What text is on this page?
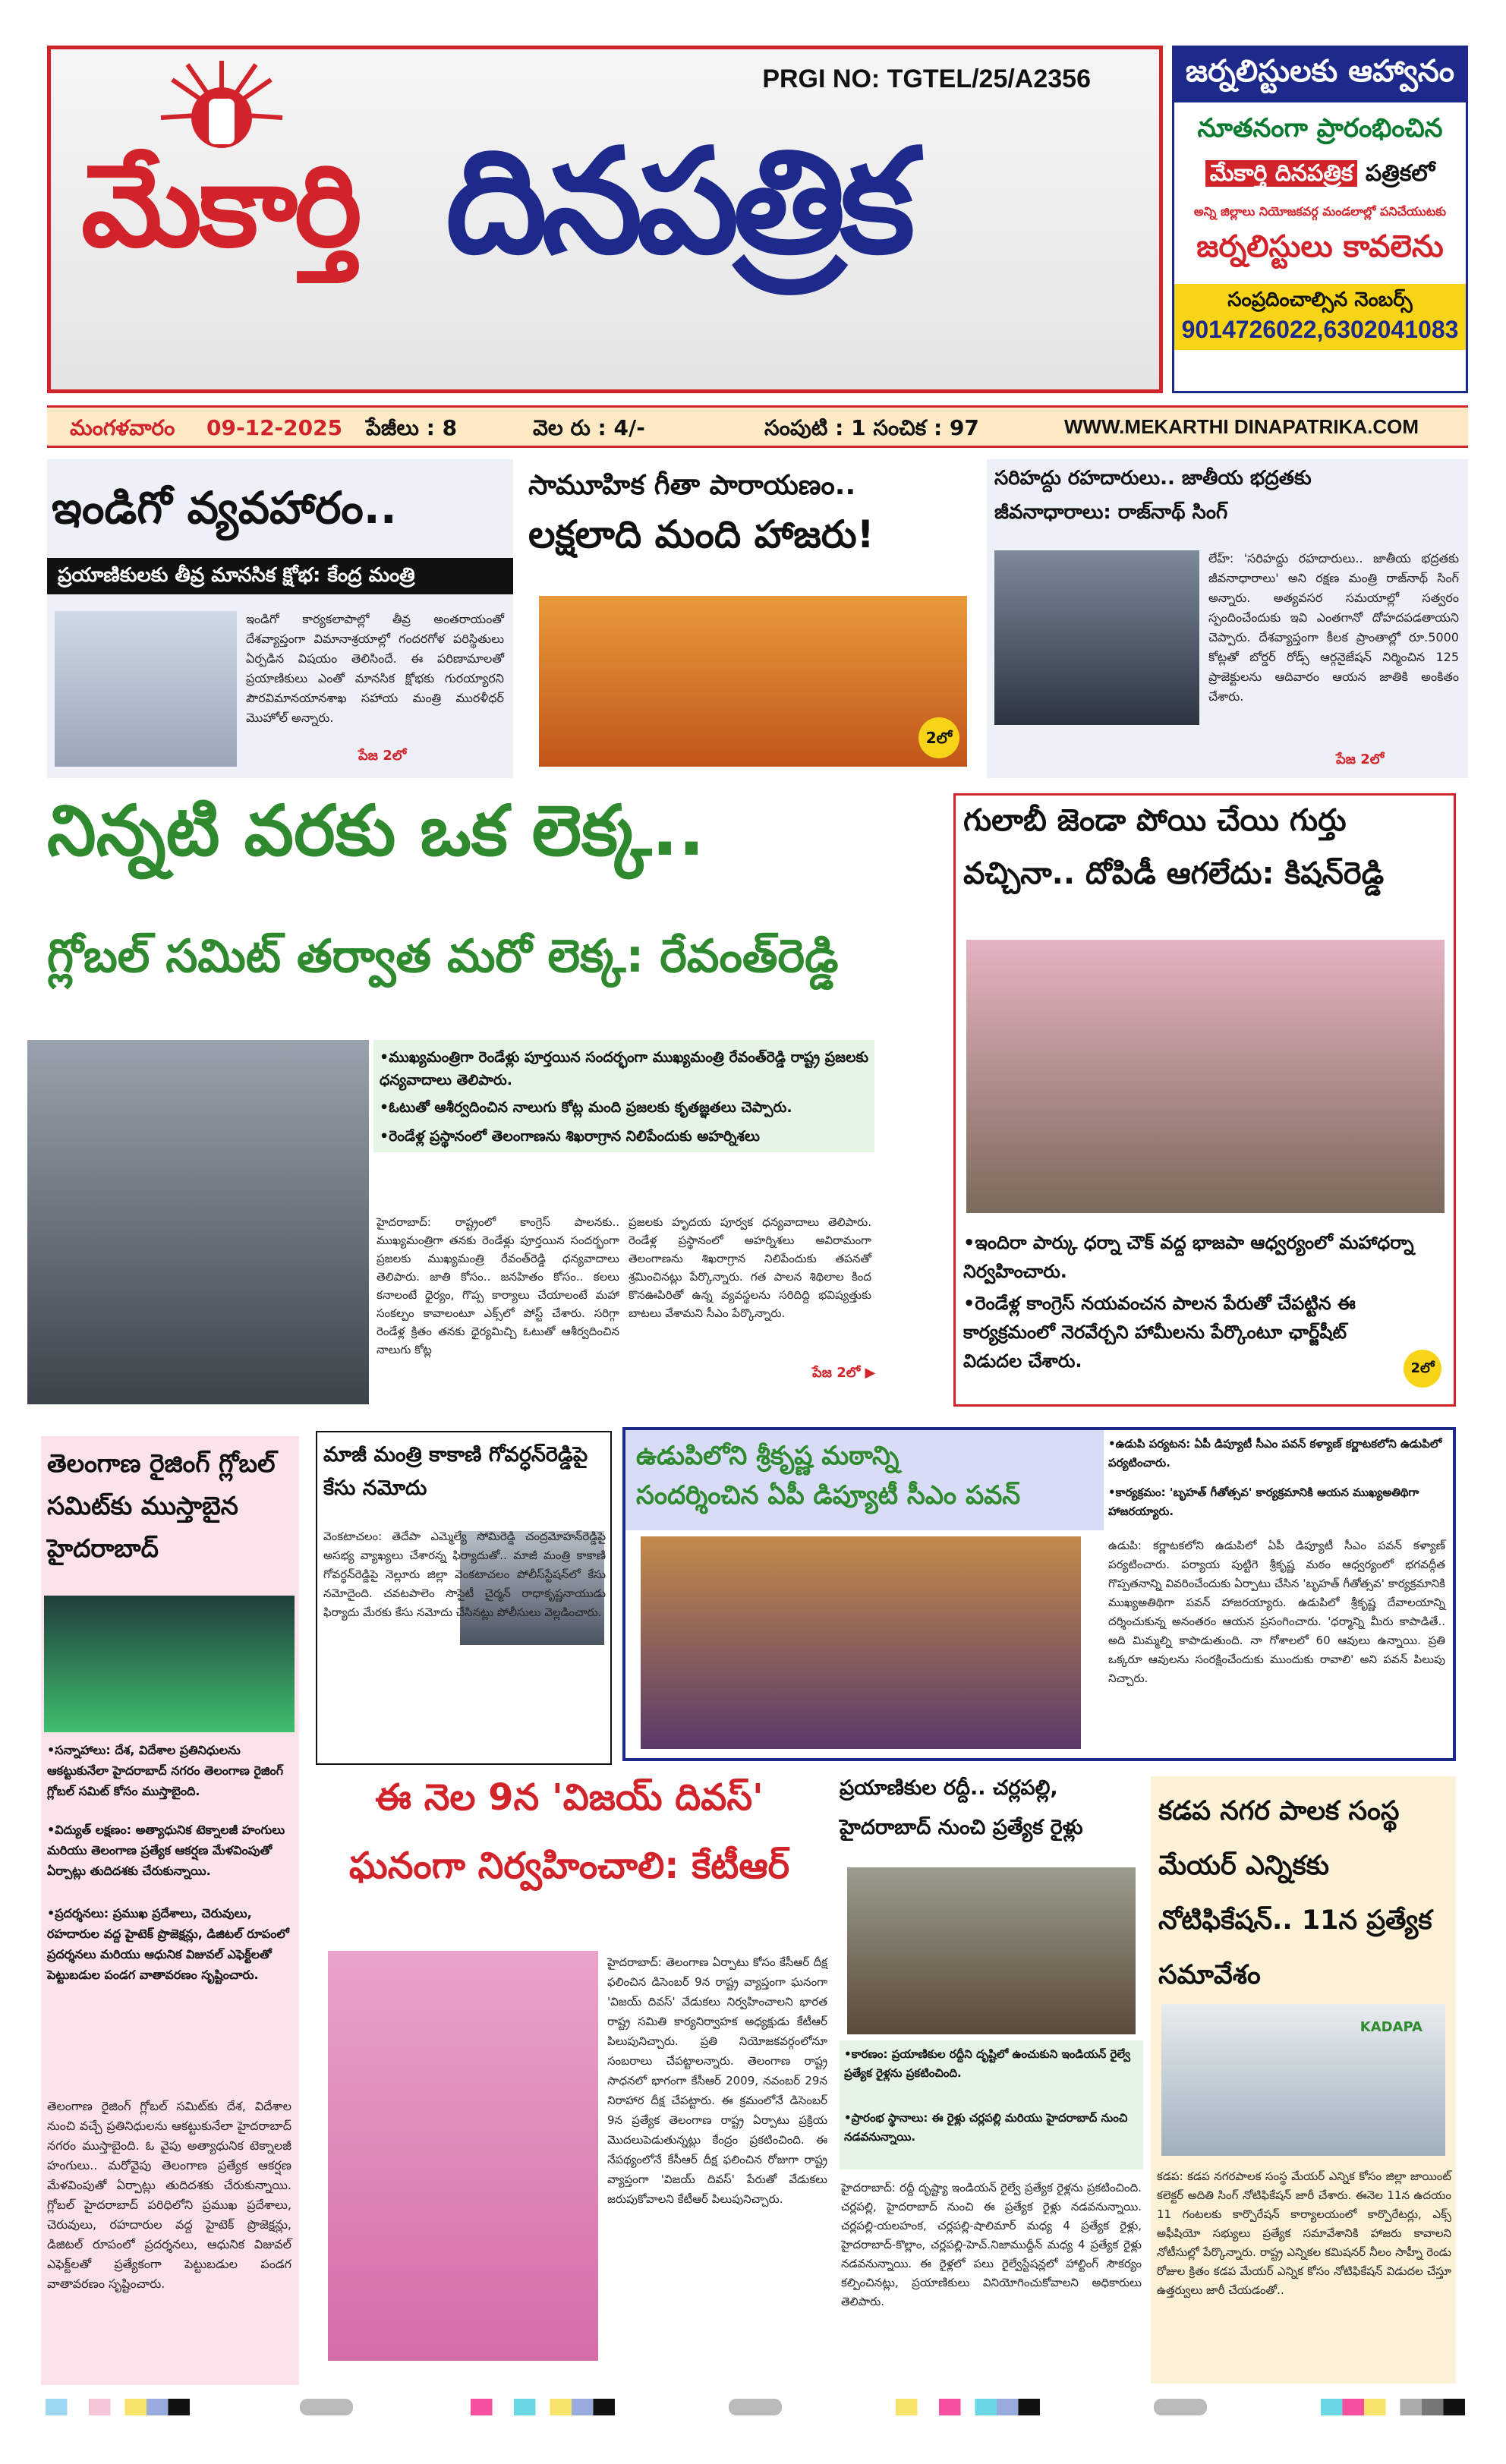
PRGI NO: TGTEL/25/A2356
మేకార్తి దినపత్రిక
జర్నలిస్టులకు ఆహ్వానం
నూతనంగా ప్రారంభించిన
మేకార్తి దినపత్రిక పత్రికలో
అన్ని జిల్లాలు నియోజకవర్గ మండలాల్లో పనిచేయుటకు
జర్నలిస్టులు కావలెను
సంప్రదించాల్సిన నెంబర్స్
9014726022,6302041083
మంగళవారం 09-12-2025 పేజీలు : 8	వెల రు : 4/-	సంపుటి : 1 సంచిక : 97	WWW.MEKARTHI DINAPATRIKA.COM
ఇండిగో వ్యవహారం..
ప్రయాణికులకు తీవ్ర మానసిక క్షోభ: కేంద్ర మంత్రి
ఇండిగో కార్యకలాపాల్లో తీవ్ర అంతరాయంతో దేశవ్యాప్తంగా విమానాశ్రయాల్లో గందరగోళ పరిస్థితులు ఏర్పడిన విషయం తెలిసిందే. ఈ పరిణామాలతో ప్రయాణికులు ఎంతో మానసిక క్షోభకు గురయ్యారని పౌరవిమానయానశాఖ సహాయ మంత్రి మురళీధర్ మొహోల్ అన్నారు.
పేజ 2లో
సామూహిక గీతా పారాయణం..
లక్షలాది మంది హాజరు!
2లో
సరిహద్దు రహదారులు.. జాతీయ భద్రతకు
జీవనాధారాలు: రాజ్‌నాథ్ సింగ్
లేహ్: 'సరిహద్దు రహదారులు.. జాతీయ భద్రతకు జీవనాధారాలు' అని రక్షణ మంత్రి రాజ్‌నాథ్ సింగ్ అన్నారు. అత్యవసర సమయాల్లో సత్వరం స్పందించేందుకు ఇవి ఎంతగానో దోహదపడతాయని చెప్పారు. దేశవ్యాప్తంగా కీలక ప్రాంతాల్లో రూ.5000 కోట్లతో బోర్డర్ రోడ్స్ ఆర్గనైజేషన్ నిర్మించిన 125 ప్రాజెక్టులను ఆదివారం ఆయన జాతికి అంకితం చేశారు.
పేజ 2లో
నిన్నటి వరకు ఒక లెక్క..
గ్లోబల్ సమిట్ తర్వాత మరో లెక్క: రేవంత్‌రెడ్డి
•ముఖ్యమంత్రిగా రెండేళ్లు పూర్తయిన సందర్భంగా ముఖ్యమంత్రి రేవంత్‌రెడ్డి రాష్ట్ర ప్రజలకు ధన్యవాదాలు తెలిపారు.
•ఓటుతో ఆశీర్వదించిన నాలుగు కోట్ల మంది ప్రజలకు కృతజ్ఞతలు చెప్పారు.
•రెండేళ్ల ప్రస్థానంలో తెలంగాణను శిఖరాగ్రాన నిలిపేందుకు అహర్నిశలు
హైదరాబాద్: రాష్ట్రంలో కాంగ్రెస్ పాలనకు.. ముఖ్యమంత్రిగా తనకు రెండేళ్లు పూర్తయిన సందర్భంగా ప్రజలకు ముఖ్యమంత్రి రేవంత్‌రెడ్డి ధన్యవాదాలు తెలిపారు. జాతి కోసం.. జనహితం కోసం.. కలలు కనాలంటే ధైర్యం, గొప్ప కార్యాలు చేయాలంటే మహా సంకల్పం కావాలంటూ ఎక్స్‌లో పోస్ట్ చేశారు. సరిగ్గా రెండేళ్ల క్రితం తనకు ధైర్యమిచ్చి ఓటుతో ఆశీర్వదించిన నాలుగు కోట్ల
ప్రజలకు హృదయ పూర్వక ధన్యవాదాలు తెలిపారు. రెండేళ్ల ప్రస్థానంలో అహర్నిశలు అవిరామంగా తెలంగాణను శిఖరాగ్రాన నిలిపేందుకు తపనతో శ్రమించినట్లు పేర్కొన్నారు. గత పాలన శిథిలాల కింద కొనఊపిరితో ఉన్న వ్యవస్థలను సరిదిద్ది భవిష్యత్తుకు బాటలు వేశామని సీఎం పేర్కొన్నారు.
పేజ 2లో ▶
గులాబీ జెండా పోయి చేయి గుర్తు
వచ్చినా.. దోపిడీ ఆగలేదు: కిషన్‌రెడ్డి
•ఇందిరా పార్కు ధర్నా చౌక్ వద్ద భాజపా ఆధ్వర్యంలో మహాధర్నా నిర్వహించారు.
•రెండేళ్ల కాంగ్రెస్ నయవంచన పాలన పేరుతో చేపట్టిన ఈ కార్యక్రమంలో నెరవేర్చని హామీలను పేర్కొంటూ ఛార్జ్‌షీట్ విడుదల చేశారు.	2లో
తెలంగాణ రైజింగ్ గ్లోబల్ సమిట్‌కు ముస్తాబైన హైదరాబాద్
•సన్నాహాలు: దేశ, విదేశాల ప్రతినిధులను ఆకట్టుకునేలా హైదరాబాద్ నగరం తెలంగాణ రైజింగ్ గ్లోబల్ సమిట్ కోసం ముస్తాబైంది.
•విద్యుత్ లక్షణం: అత్యాధునిక టెక్నాలజీ హంగులు మరియు తెలంగాణ ప్రత్యేక ఆకర్షణ మేళవింపుతో ఏర్పాట్లు తుదిదశకు చేరుకున్నాయి.
•ప్రదర్శనలు: ప్రముఖ ప్రదేశాలు, చెరువులు, రహదారుల వద్ద హైటెక్ ప్రొజెక్షన్లు, డిజిటల్ రూపంలో ప్రదర్శనలు మరియు ఆధునిక విజువల్ ఎఫెక్ట్‌లతో పెట్టుబడుల పండగ వాతావరణం సృష్టించారు.
తెలంగాణ రైజింగ్ గ్లోబల్ సమిట్‌కు దేశ, విదేశాల నుంచి వచ్చే ప్రతినిధులను ఆకట్టుకునేలా హైదరాబాద్ నగరం ముస్తాబైంది. ఓ వైపు అత్యాధునిక టెక్నాలజీ హంగులు.. మరోవైపు తెలంగాణ ప్రత్యేక ఆకర్షణ మేళవింపుతో ఏర్పాట్లు తుదిదశకు చేరుకున్నాయి. గ్లోబల్ హైదరాబాద్ పరిధిలోని ప్రముఖ ప్రదేశాలు, చెరువులు, రహదారుల వద్ద హైటెక్ ప్రొజెక్షన్లు, డిజిటల్ రూపంలో ప్రదర్శనలు, ఆధునిక విజువల్ ఎఫెక్ట్‌లతో ప్రత్యేకంగా పెట్టుబడుల పండగ వాతావరణం సృష్టించారు.
మాజీ మంత్రి కాకాణి గోవర్ధన్‌రెడ్డిపై కేసు నమోదు
వెంకటాచలం: తెదేపా ఎమ్మెల్యే సోమిరెడ్డి చంద్రమోహన్‌రెడ్డిపై అసభ్య వ్యాఖ్యలు చేశారన్న ఫిర్యాదుతో.. మాజీ మంత్రి కాకాణి గోవర్ధన్‌రెడ్డిపై నెల్లూరు జిల్లా వెంకటాచలం పోలీస్‌స్టేషన్‌లో కేసు నమోదైంది. చవటపాలెం సొసైటీ చైర్మన్ రాధాకృష్ణనాయుడు ఫిర్యాదు మేరకు కేసు నమోదు చేసినట్లు పోలీసులు వెల్లడించారు.
ఉడుపిలోని శ్రీకృష్ణ మఠాన్ని
సందర్శించిన ఏపీ డిప్యూటీ సీఎం పవన్
•ఉడుపి పర్యటన: ఏపీ డిప్యూటీ సీఎం పవన్ కళ్యాణ్ కర్ణాటకలోని ఉడుపిలో పర్యటించారు.
•కార్యక్రమం: 'బృహత్ గీతోత్సవ' కార్యక్రమానికి ఆయన ముఖ్యఅతిథిగా హాజరయ్యారు.
ఉడుపి: కర్ణాటకలోని ఉడుపిలో ఏపీ డిప్యూటీ సీఎం పవన్ కళ్యాణ్ పర్యటించారు. పర్యాయ పుట్టిగె శ్రీకృష్ణ మఠం ఆధ్వర్యంలో భగవద్గీత గొప్పతనాన్ని వివరించేందుకు ఏర్పాటు చేసిన 'బృహత్ గీతోత్సవ' కార్యక్రమానికి ముఖ్యఅతిథిగా పవన్ హాజరయ్యారు. ఉడుపిలో శ్రీకృష్ణ దేవాలయాన్ని దర్శించుకున్న అనంతరం ఆయన ప్రసంగించారు. 'ధర్మాన్ని మీరు కాపాడితే.. అది మిమ్మల్ని కాపాడుతుంది. నా గోశాలలో 60 ఆవులు ఉన్నాయి. ప్రతి ఒక్కరూ ఆవులను సంరక్షించేందుకు ముందుకు రావాలి' అని పవన్ పిలుపు నిచ్చారు.
ఈ నెల 9న 'విజయ్ దివస్'
ఘనంగా నిర్వహించాలి: కేటీఆర్
హైదరాబాద్: తెలంగాణ ఏర్పాటు కోసం కేసీఆర్ దీక్ష ఫలించిన డిసెంబర్ 9న రాష్ట్ర వ్యాప్తంగా ఘనంగా 'విజయ్ దివస్' వేడుకలు నిర్వహించాలని భారత రాష్ట్ర సమితి కార్యనిర్వాహక అధ్యక్షుడు కేటీఆర్ పిలుపునిచ్చారు. ప్రతి నియోజకవర్గంలోనూ సంబరాలు చేపట్టాలన్నారు. తెలంగాణ రాష్ట్ర సాధనలో భాగంగా కేసీఆర్ 2009, నవంబర్ 29న నిరాహార దీక్ష చేపట్టారు. ఈ క్రమంలోనే డిసెంబర్ 9న ప్రత్యేక తెలంగాణ రాష్ట్ర ఏర్పాటు ప్రక్రియ మొదలుపెడుతున్నట్లు కేంద్రం ప్రకటించింది. ఈ నేపథ్యంలోనే కేసీఆర్ దీక్ష ఫలించిన రోజుగా రాష్ట్ర వ్యాప్తంగా 'విజయ్ దివస్' పేరుతో వేడుకలు జరుపుకోవాలని కేటీఆర్ పిలుపునిచ్చారు.
ప్రయాణికుల రద్దీ.. చర్లపల్లి,
హైదరాబాద్ నుంచి ప్రత్యేక రైళ్లు
•కారణం: ప్రయాణికుల రద్దీని దృష్టిలో ఉంచుకుని ఇండియన్ రైల్వే ప్రత్యేక రైళ్లను ప్రకటించింది.
•ప్రారంభ స్థానాలు: ఈ రైళ్లు చర్లపల్లి మరియు హైదరాబాద్ నుంచి నడవనున్నాయి.
హైదరాబాద్: రద్దీ దృష్ట్యా ఇండియన్ రైల్వే ప్రత్యేక రైళ్లను ప్రకటించింది. చర్లపల్లి, హైదరాబాద్ నుంచి ఈ ప్రత్యేక రైళ్లు నడవనున్నాయి. చర్లపల్లి-యలహంక, చర్లపల్లి-షాలిమార్ మధ్య 4 ప్రత్యేక రైళ్లు, హైదరాబాద్-కొల్లాం, చర్లపల్లి-హెచ్.నిజాముద్దీన్ మధ్య 4 ప్రత్యేక రైళ్లు నడవనున్నాయి. ఈ రైళ్లలో పలు రైల్వేస్టేషన్లలో హాల్టింగ్ సౌకర్యం కల్పించినట్లు, ప్రయాణికులు వినియోగించుకోవాలని అధికారులు తెలిపారు.
కడప నగర పాలక సంస్థ మేయర్ ఎన్నికకు నోటిఫికేషన్.. 11న ప్రత్యేక సమావేశం
KADAPA
కడప: కడప నగరపాలక సంస్థ మేయర్ ఎన్నిక కోసం జిల్లా జాయింట్ కలెక్టర్ అదితి సింగ్ నోటిఫికేషన్ జారీ చేశారు. ఈనెల 11న ఉదయం 11 గంటలకు కార్పొరేషన్ కార్యాలయంలో కార్పొరేటర్లు, ఎక్స్ అఫీషియో సభ్యులు ప్రత్యేక సమావేశానికి హాజరు కావాలని నోటీసుల్లో పేర్కొన్నారు. రాష్ట్ర ఎన్నికల కమిషనర్ నీలం సాహ్నీ రెండు రోజుల క్రితం కడప మేయర్ ఎన్నిక కోసం నోటిఫికేషన్ విడుదల చేస్తూ ఉత్తర్వులు జారీ చేయడంతో..
